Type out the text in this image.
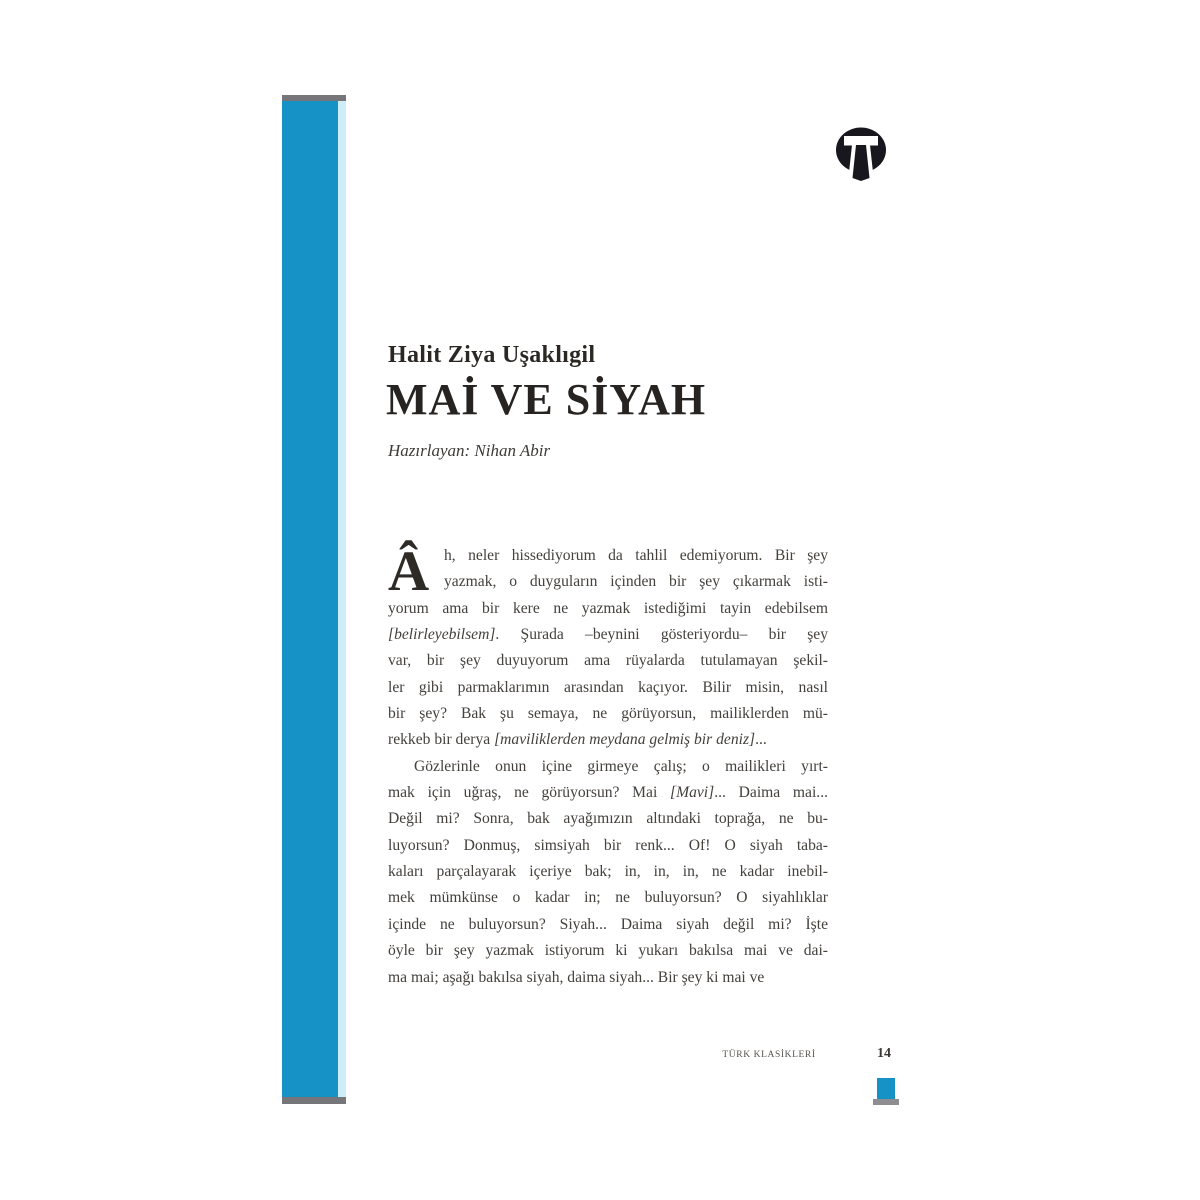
Halit Ziya Uşaklıgil
MAİ VE SİYAH
Hazırlayan: Nihan Abir
Â h, neler hissediyorum da tahlil edemiyorum. Bir şey
yazmak, o duyguların içinden bir şey çıkarmak isti-
yorum ama bir kere ne yazmak istediğimi tayin edebilsem
[belirleyebilsem]. Şurada –beynini gösteriyordu– bir şey
var, bir şey duyuyorum ama rüyalarda tutulamayan şekil-
ler gibi parmaklarımın arasından kaçıyor. Bilir misin, nasıl
bir şey? Bak şu semaya, ne görüyorsun, mailiklerden mü-
rekkeb bir derya [maviliklerden meydana gelmiş bir deniz]...
Gözlerinle onun içine girmeye çalış; o mailikleri yırt-
mak için uğraş, ne görüyorsun? Mai [Mavi]... Daima mai...
Değil mi? Sonra, bak ayağımızın altındaki toprağa, ne bu-
luyorsun? Donmuş, simsiyah bir renk... Of! O siyah taba-
kaları parçalayarak içeriye bak; in, in, in, ne kadar inebil-
mek mümkünse o kadar in; ne buluyorsun? O siyahlıklar
içinde ne buluyorsun? Siyah... Daima siyah değil mi? İşte
öyle bir şey yazmak istiyorum ki yukarı bakılsa mai ve dai-
ma mai; aşağı bakılsa siyah, daima siyah... Bir şey ki mai ve
TÜRK KLASİKLERİ	14
